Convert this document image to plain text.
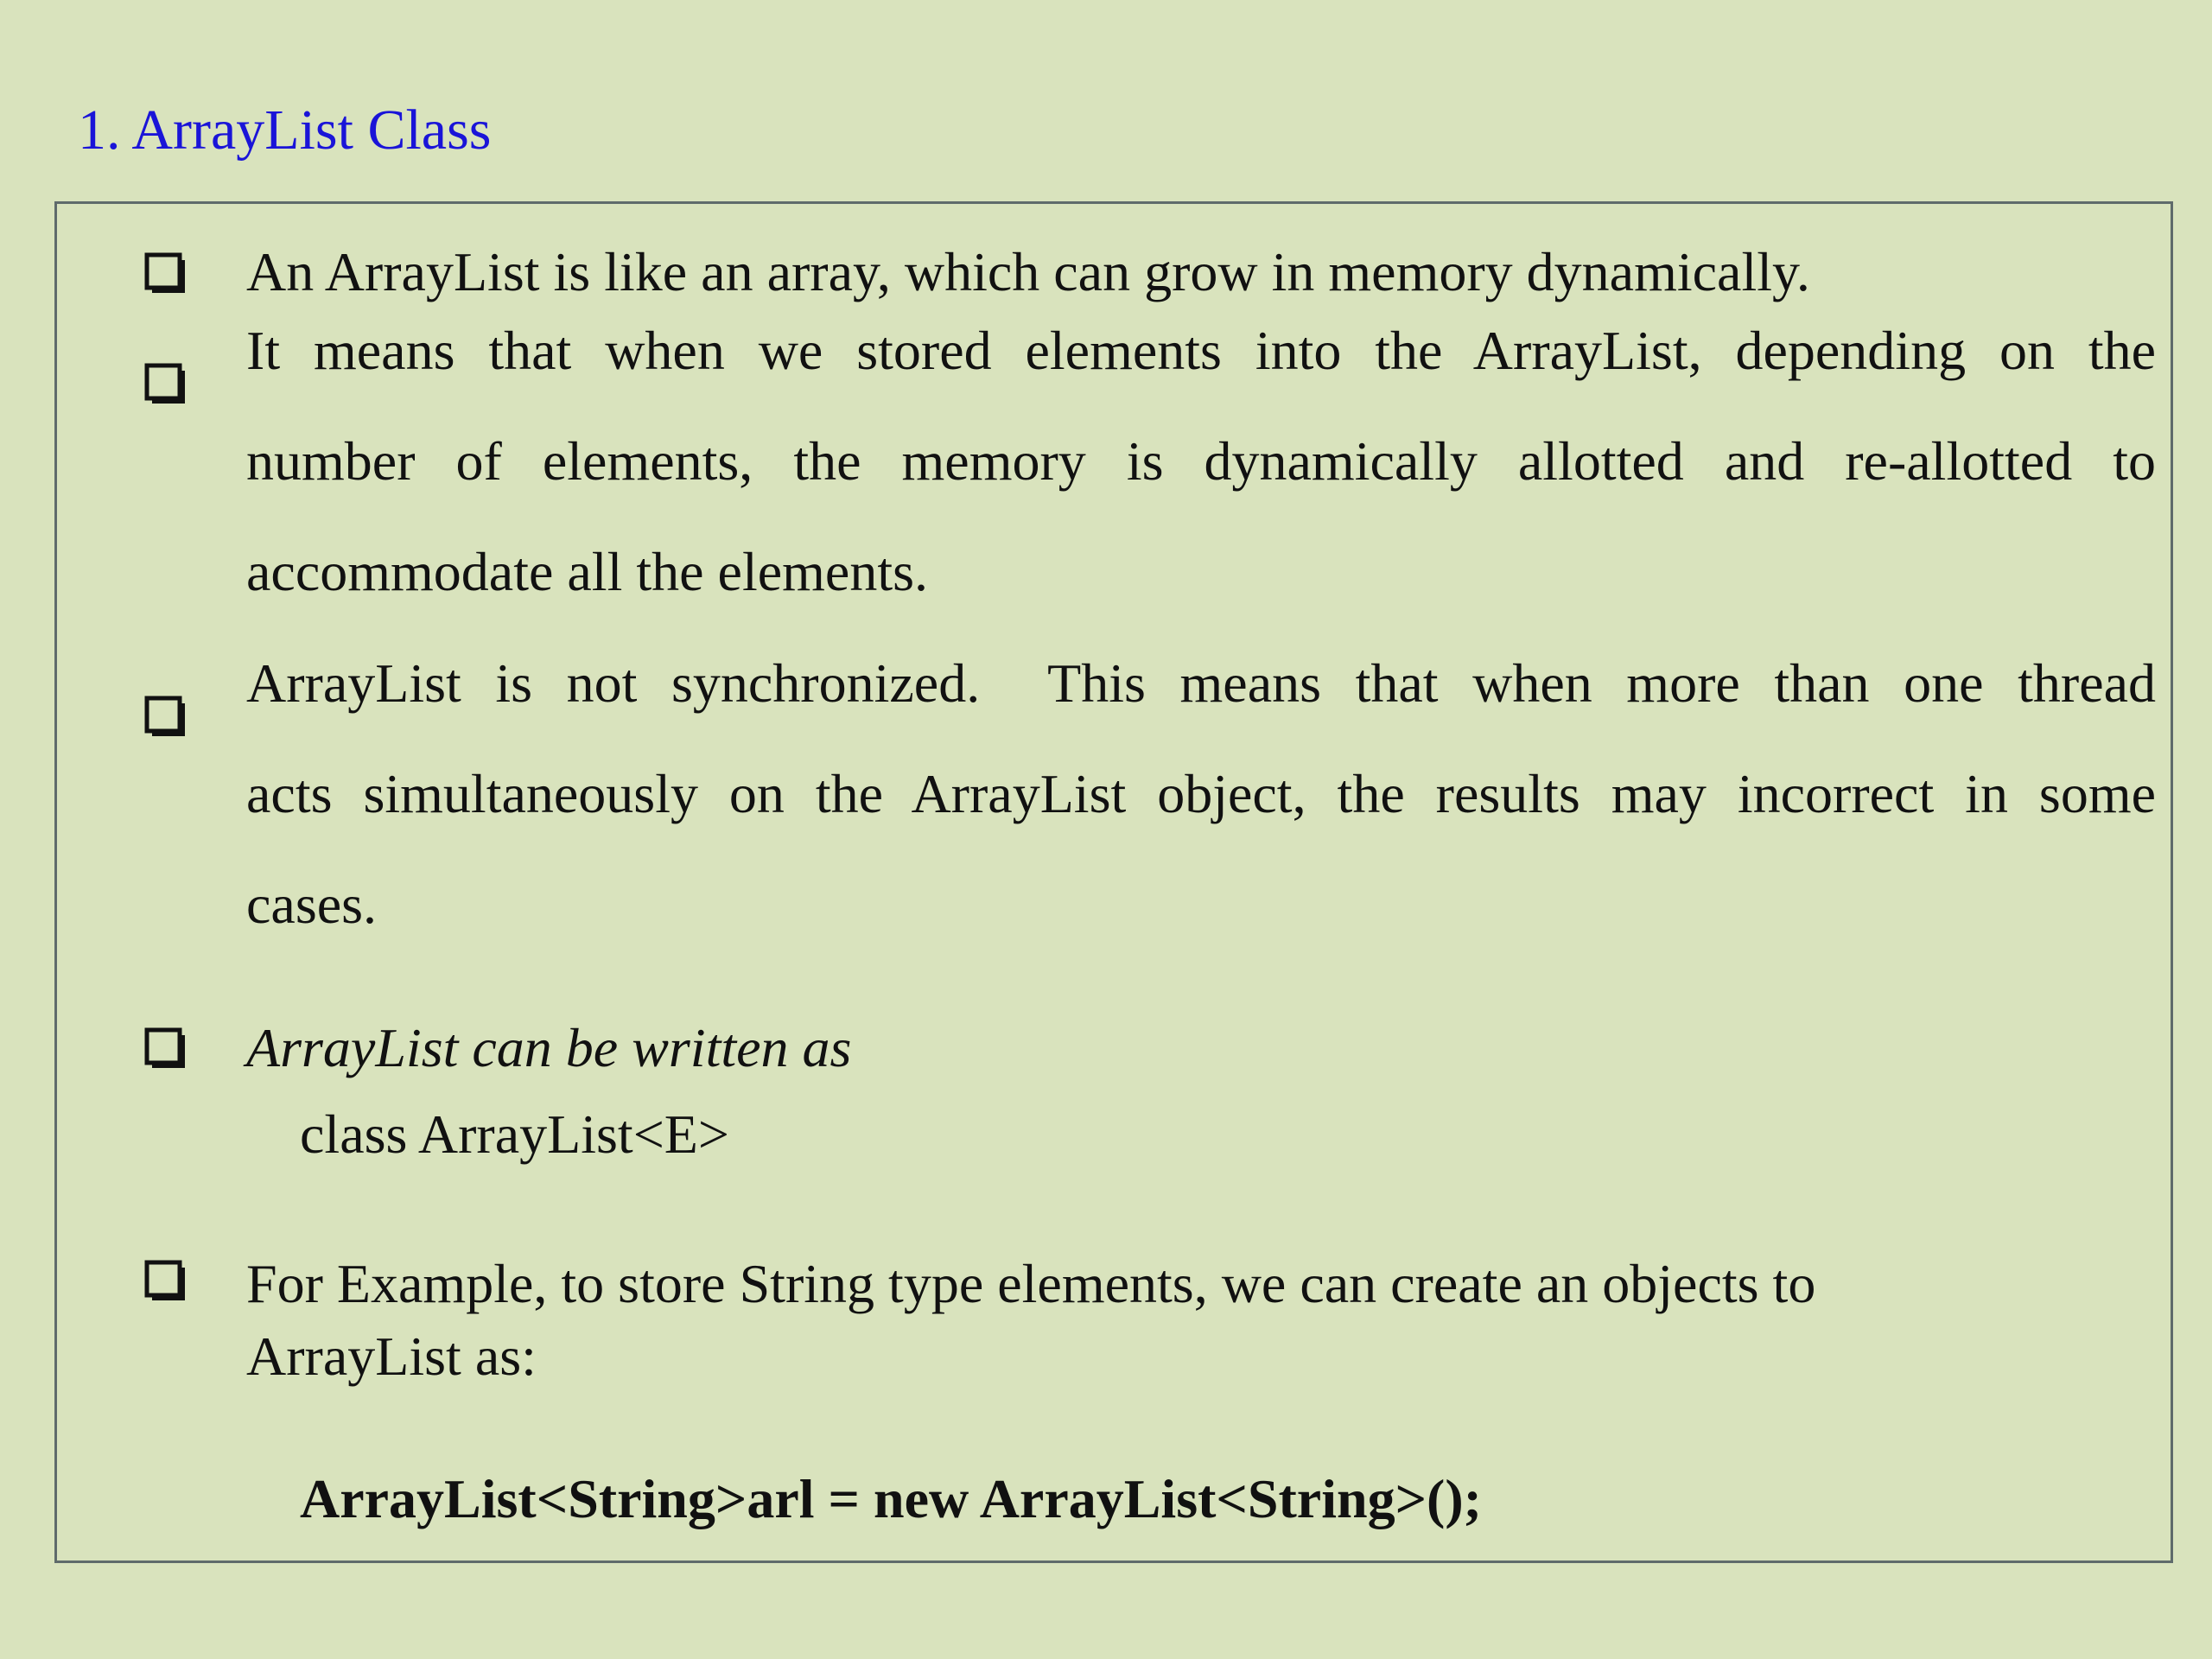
1. ArrayList Class
An ArrayList is like an array, which can grow in memory dynamically.
It means that when we stored elements into the ArrayList, depending on the
number of elements, the memory is dynamically allotted and re-allotted to
accommodate all the elements.
ArrayList is not synchronized.  This means that when more than one thread
acts simultaneously on the ArrayList object, the results may incorrect in some
cases.
ArrayList can be written as
class ArrayList<E>
For Example, to store String type elements, we can create an objects to
ArrayList as:
ArrayList<String>arl = new ArrayList<String>();
